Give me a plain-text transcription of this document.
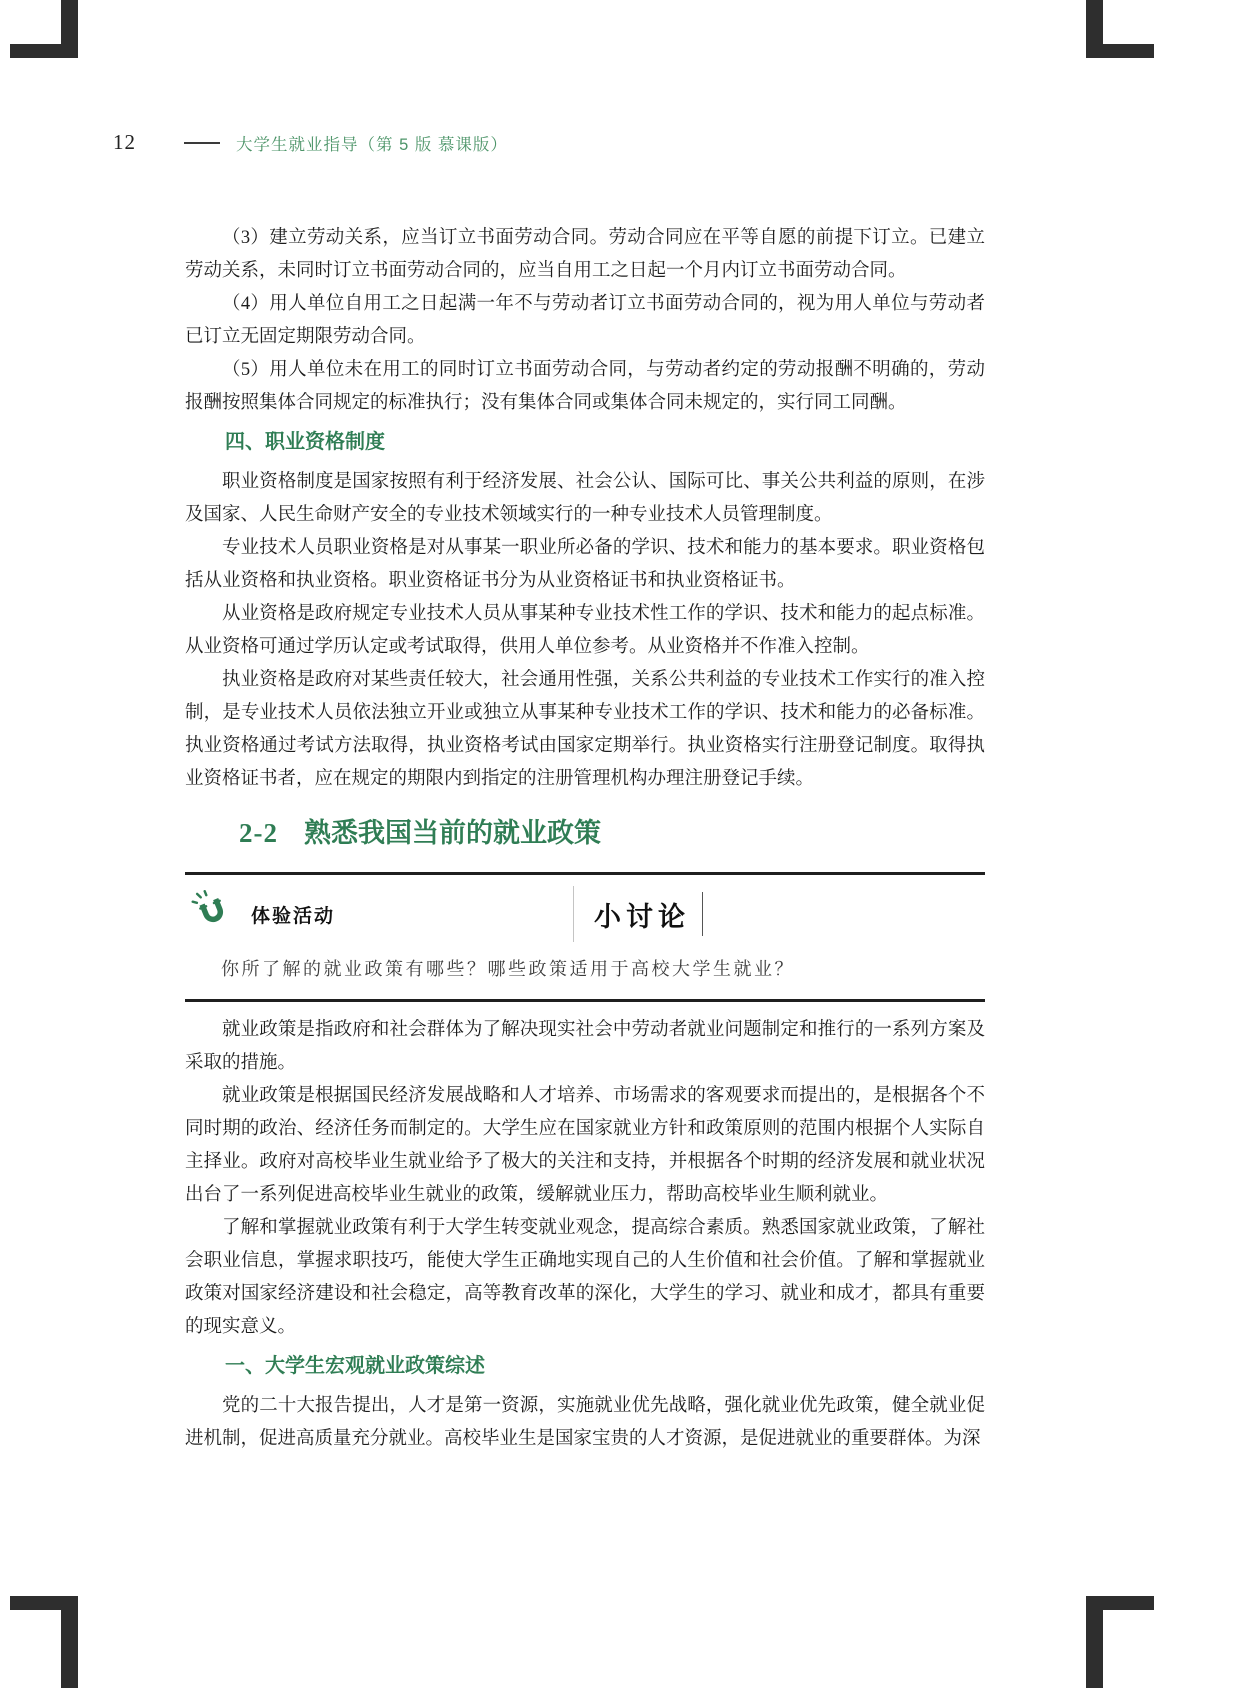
12	大学生就业指导（第 5 版 慕课版）

（3）建立劳动关系，应当订立书面劳动合同。劳动合同应在平等自愿的前提下订立。已建立劳动关系，未同时订立书面劳动合同的，应当自用工之日起一个月内订立书面劳动合同。

（4）用人单位自用工之日起满一年不与劳动者订立书面劳动合同的，视为用人单位与劳动者已订立无固定期限劳动合同。

（5）用人单位未在用工的同时订立书面劳动合同，与劳动者约定的劳动报酬不明确的，劳动报酬按照集体合同规定的标准执行；没有集体合同或集体合同未规定的，实行同工同酬。

四、职业资格制度

职业资格制度是国家按照有利于经济发展、社会公认、国际可比、事关公共利益的原则，在涉及国家、人民生命财产安全的专业技术领域实行的一种专业技术人员管理制度。

专业技术人员职业资格是对从事某一职业所必备的学识、技术和能力的基本要求。职业资格包括从业资格和执业资格。职业资格证书分为从业资格证书和执业资格证书。

从业资格是政府规定专业技术人员从事某种专业技术性工作的学识、技术和能力的起点标准。从业资格可通过学历认定或考试取得，供用人单位参考。从业资格并不作准入控制。

执业资格是政府对某些责任较大，社会通用性强，关系公共利益的专业技术工作实行的准入控制，是专业技术人员依法独立开业或独立从事某种专业技术工作的学识、技术和能力的必备标准。执业资格通过考试方法取得，执业资格考试由国家定期举行。执业资格实行注册登记制度。取得执业资格证书者，应在规定的期限内到指定的注册管理机构办理注册登记手续。

2-2 熟悉我国当前的就业政策
体验活动	小讨论

你所了解的就业政策有哪些？哪些政策适用于高校大学生就业？

就业政策是指政府和社会群体为了解决现实社会中劳动者就业问题制定和推行的一系列方案及采取的措施。

就业政策是根据国民经济发展战略和人才培养、市场需求的客观要求而提出的，是根据各个不同时期的政治、经济任务而制定的。大学生应在国家就业方针和政策原则的范围内根据个人实际自主择业。政府对高校毕业生就业给予了极大的关注和支持，并根据各个时期的经济发展和就业状况出台了一系列促进高校毕业生就业的政策，缓解就业压力，帮助高校毕业生顺利就业。

了解和掌握就业政策有利于大学生转变就业观念，提高综合素质。熟悉国家就业政策，了解社会职业信息，掌握求职技巧，能使大学生正确地实现自己的人生价值和社会价值。了解和掌握就业政策对国家经济建设和社会稳定，高等教育改革的深化，大学生的学习、就业和成才，都具有重要的现实意义。

一、大学生宏观就业政策综述

党的二十大报告提出，人才是第一资源，实施就业优先战略，强化就业优先政策，健全就业促进机制，促进高质量充分就业。高校毕业生是国家宝贵的人才资源，是促进就业的重要群体。为深
